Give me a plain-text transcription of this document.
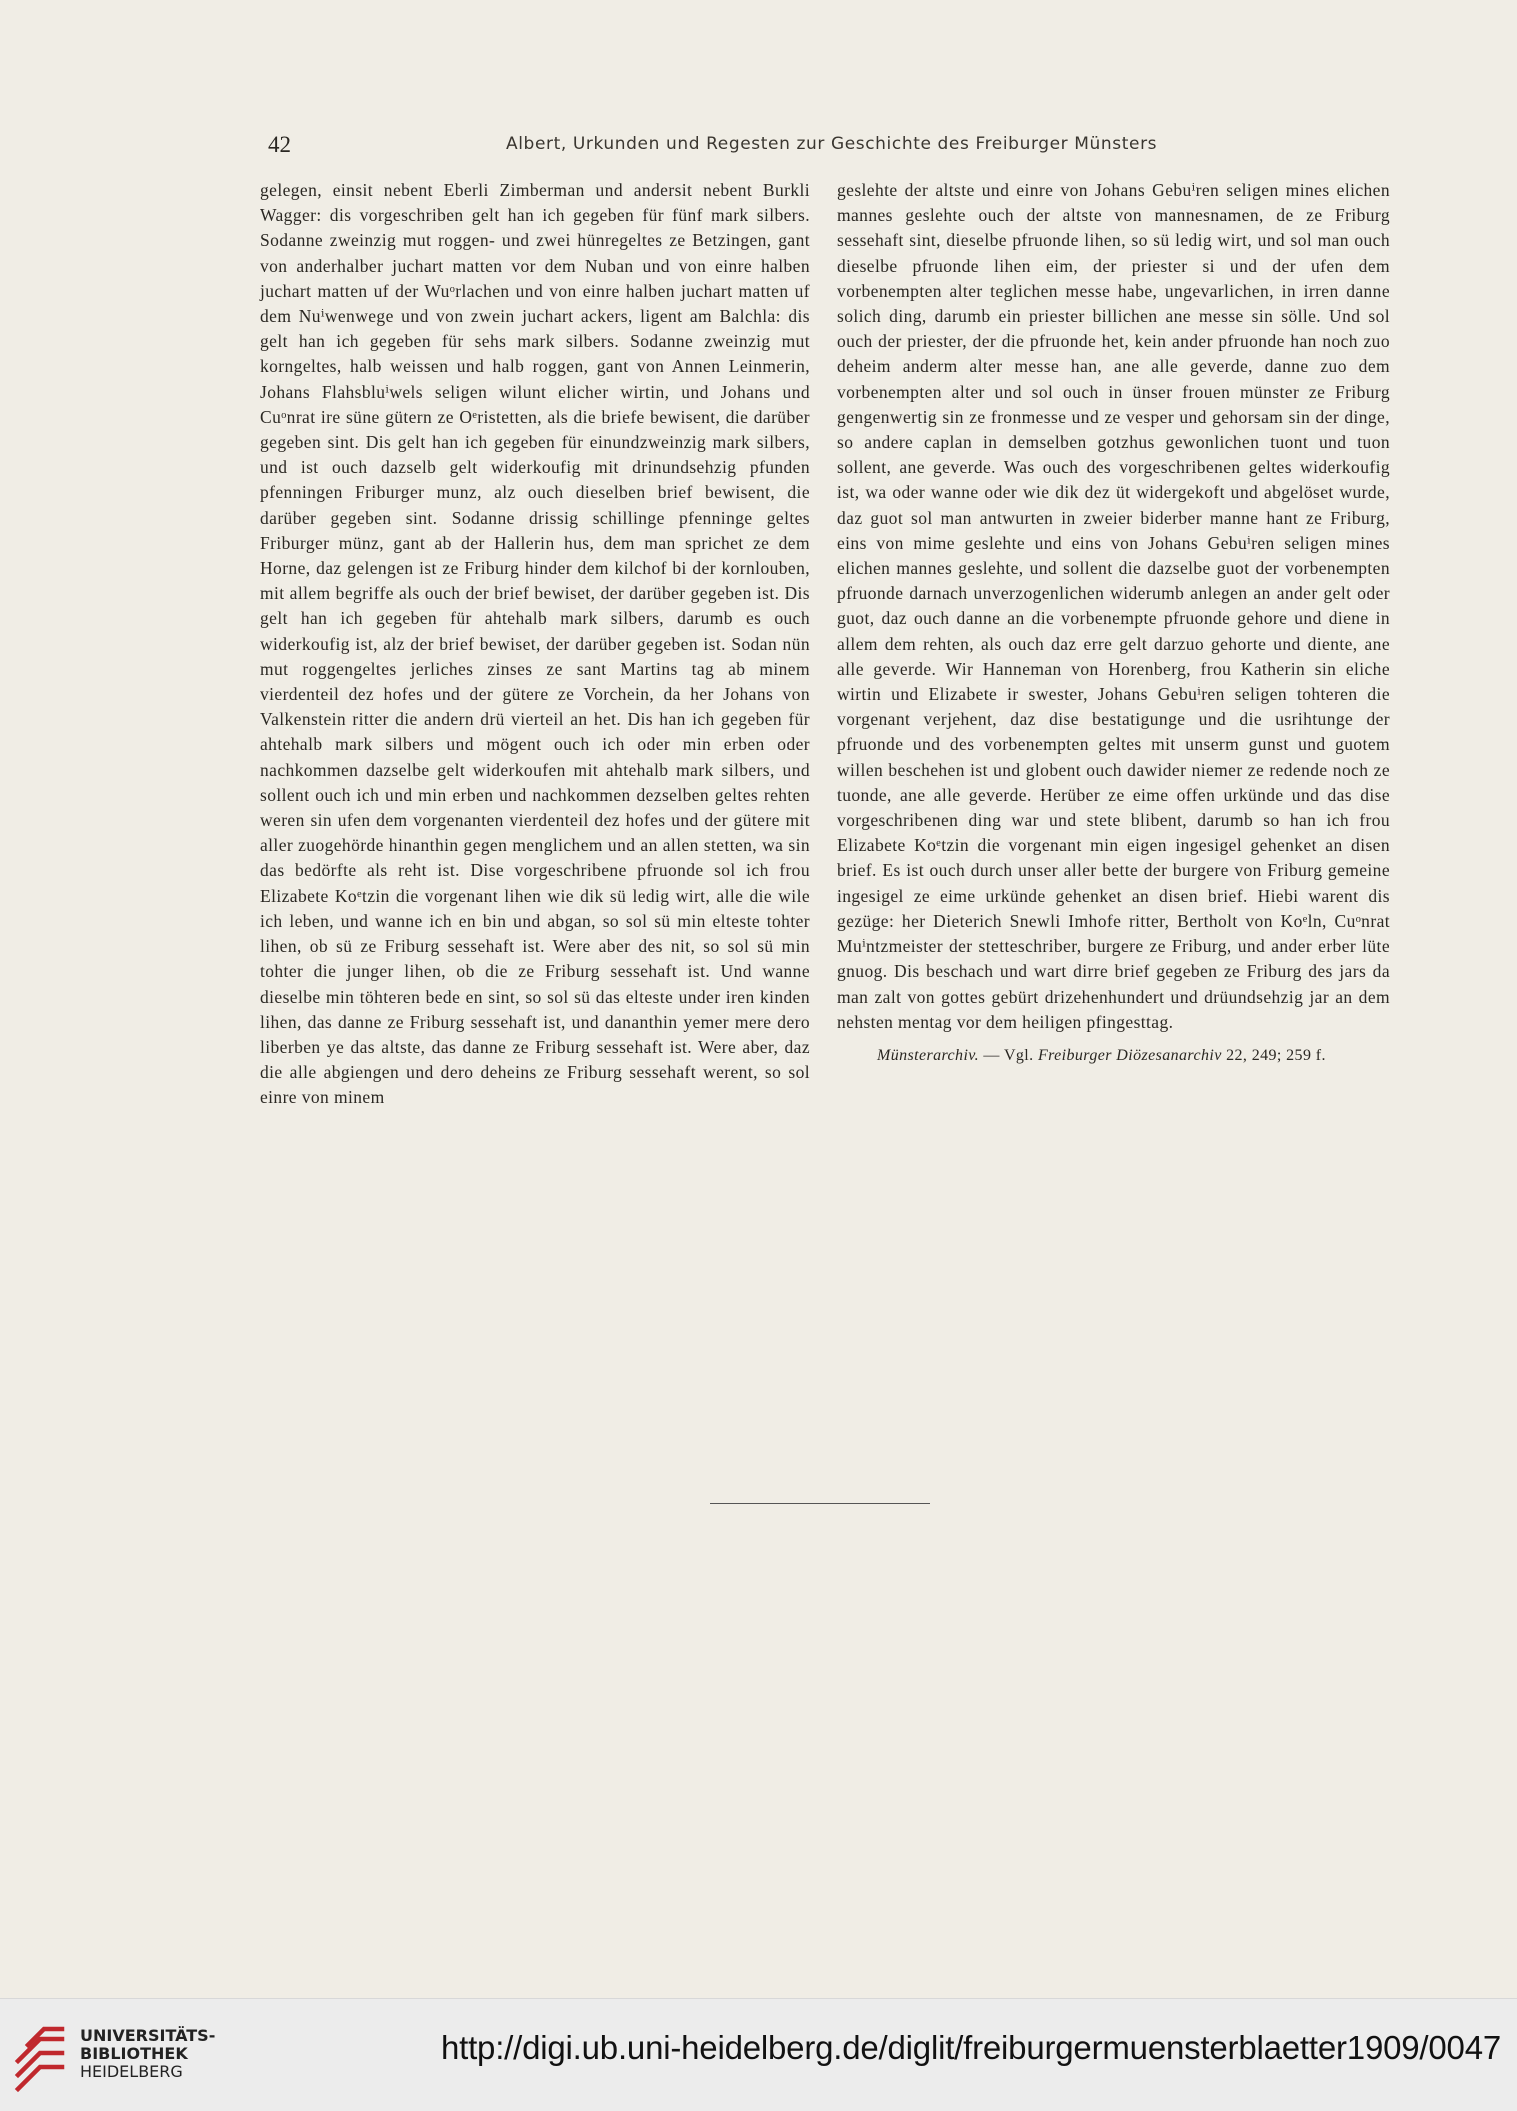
42	Albert, Urkunden und Regesten zur Geschichte des Freiburger Münsters

gelegen, einsit nebent Eberli Zimberman und andersit nebent Burkli Wagger: dis vorgeschriben gelt han ich gegeben für fünf mark silbers. Sodanne zweinzig mut roggen- und zwei hünregeltes ze Betzingen, gant von anderhalber juchart matten vor dem Nuban und von einre halben juchart matten uf der Wuᵒrlachen und von einre halben juchart matten uf dem Nuⁱwenwege und von zwein juchart ackers, ligent am Balchla: dis gelt han ich gegeben für sehs mark silbers. Sodanne zweinzig mut korngeltes, halb weissen und halb roggen, gant von Annen Leinmerin, Johans Flahsbluⁱwels seligen wilunt elicher wirtin, und Johans und Cuᵒnrat ire süne gütern ze Oᵉristetten, als die briefe bewisent, die darüber gegeben sint. Dis gelt han ich gegeben für einundzweinzig mark silbers, und ist ouch dazselb gelt widerkoufig mit drinundsehzig pfunden pfenningen Friburger munz, alz ouch dieselben brief bewisent, die darüber gegeben sint. Sodanne drissig schillinge pfenninge geltes Friburger münz, gant ab der Hallerin hus, dem man sprichet ze dem Horne, daz gelengen ist ze Friburg hinder dem kilchof bi der kornlouben, mit allem begriffe als ouch der brief bewiset, der darüber gegeben ist. Dis gelt han ich gegeben für ahtehalb mark silbers, darumb es ouch widerkoufig ist, alz der brief bewiset, der darüber gegeben ist. Sodan nün mut roggengeltes jerliches zinses ze sant Martins tag ab minem vierdenteil dez hofes und der gütere ze Vorchein, da her Johans von Valkenstein ritter die andern drü vierteil an het. Dis han ich gegeben für ahtehalb mark silbers und mögent ouch ich oder min erben oder nachkommen dazselbe gelt widerkoufen mit ahtehalb mark silbers, und sollent ouch ich und min erben und nachkommen dezselben geltes rehten weren sin ufen dem vorgenanten vierdenteil dez hofes und der gütere mit aller zuogehörde hinanthin gegen menglichem und an allen stetten, wa sin das bedörfte als reht ist. Dise vorgeschribene pfruonde sol ich frou Elizabete Koᵉtzin die vorgenant lihen wie dik sü ledig wirt, alle die wile ich leben, und wanne ich en bin und abgan, so sol sü min elteste tohter lihen, ob sü ze Friburg sessehaft ist. Were aber des nit, so sol sü min tohter die junger lihen, ob die ze Friburg sessehaft ist. Und wanne dieselbe min töhteren bede en sint, so sol sü das elteste under iren kinden lihen, das danne ze Friburg sessehaft ist, und dananthin yemer mere dero liberben ye das altste, das danne ze Friburg sessehaft ist. Were aber, daz die alle abgiengen und dero deheins ze Friburg sessehaft werent, so sol einre von minem

geslehte der altste und einre von Johans Gebuⁱren seligen mines elichen mannes geslehte ouch der altste von mannesnamen, de ze Friburg sessehaft sint, dieselbe pfruonde lihen, so sü ledig wirt, und sol man ouch dieselbe pfruonde lihen eim, der priester si und der ufen dem vorbenempten alter teglichen messe habe, ungevarlichen, in irren danne solich ding, darumb ein priester billichen ane messe sin sölle. Und sol ouch der priester, der die pfruonde het, kein ander pfruonde han noch zuo deheim anderm alter messe han, ane alle geverde, danne zuo dem vorbenempten alter und sol ouch in ünser frouen münster ze Friburg gengenwertig sin ze fronmesse und ze vesper und gehorsam sin der dinge, so andere caplan in demselben gotzhus gewonlichen tuont und tuon sollent, ane geverde. Was ouch des vorgeschribenen geltes widerkoufig ist, wa oder wanne oder wie dik dez üt widergekoft und abgelöset wurde, daz guot sol man antwurten in zweier biderber manne hant ze Friburg, eins von mime geslehte und eins von Johans Gebuⁱren seligen mines elichen mannes geslehte, und sollent die dazselbe guot der vorbenempten pfruonde darnach unverzogenlichen widerumb anlegen an ander gelt oder guot, daz ouch danne an die vorbenempte pfruonde gehore und diene in allem dem rehten, als ouch daz erre gelt darzuo gehorte und diente, ane alle geverde. Wir Hanneman von Horenberg, frou Katherin sin eliche wirtin und Elizabete ir swester, Johans Gebuⁱren seligen tohteren die vorgenant verjehent, daz dise bestatigunge und die usrihtunge der pfruonde und des vorbenempten geltes mit unserm gunst und guotem willen beschehen ist und globent ouch dawider niemer ze redende noch ze tuonde, ane alle geverde. Herüber ze eime offen urkünde und das dise vorgeschribenen ding war und stete blibent, darumb so han ich frou Elizabete Koᵉtzin die vorgenant min eigen ingesigel gehenket an disen brief. Es ist ouch durch unser aller bette der burgere von Friburg gemeine ingesigel ze eime urkünde gehenket an disen brief. Hiebi warent dis gezüge: her Dieterich Snewli Imhofe ritter, Bertholt von Koᵉln, Cuᵒnrat Muⁱntzmeister der stetteschriber, burgere ze Friburg, und ander erber lüte gnuog. Dis beschach und wart dirre brief gegeben ze Friburg des jars da man zalt von gottes gebürt drizehenhundert und drüundsehzig jar an dem nehsten mentag vor dem heiligen pfingesttag.

Münsterarchiv. — Vgl. Freiburger Diözesanarchiv 22, 249; 259 f.

UNIVERSITÄTS-
BIBLIOTHEK
HEIDELBERG
http://digi.ub.uni-heidelberg.de/diglit/freiburgermuensterblaetter1909/0047
